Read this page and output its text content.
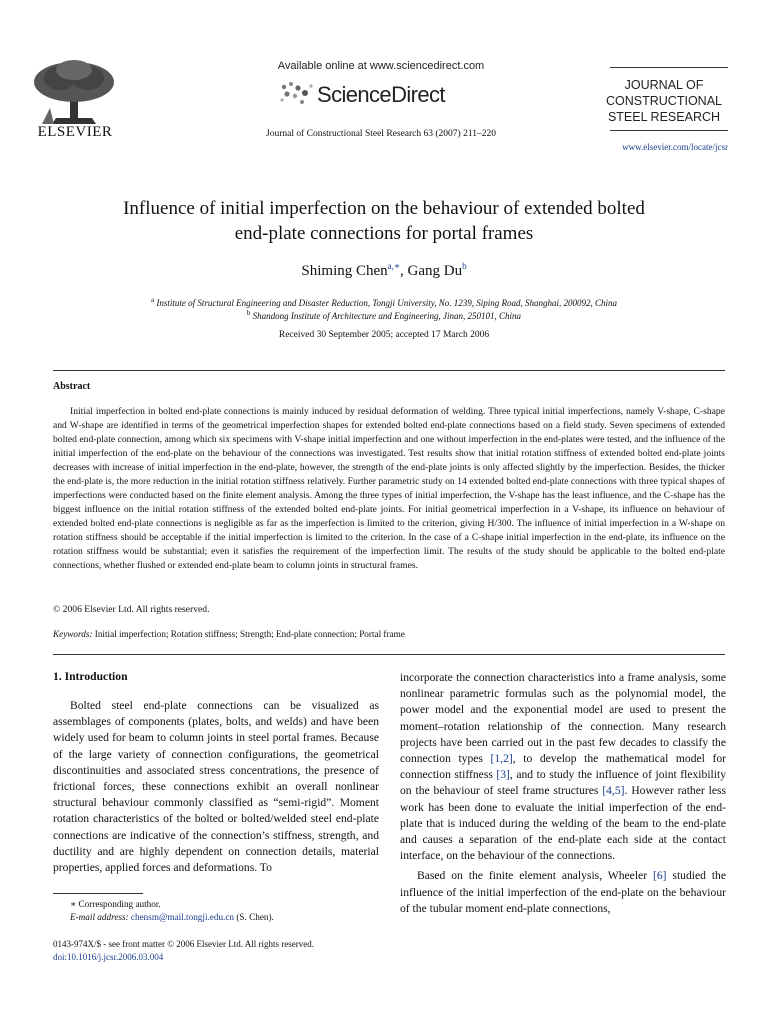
ELSEVIER
Available online at www.sciencedirect.com
ScienceDirect
Journal of Constructional Steel Research 63 (2007) 211–220
JOURNAL OF
CONSTRUCTIONAL
STEEL RESEARCH
www.elsevier.com/locate/jcsr
Influence of initial imperfection on the behaviour of extended bolted
end-plate connections for portal frames
Shiming Chen$^{a,∗}$, Gang Du$^b$
$^a$ Institute of Structural Engineering and Disaster Reduction, Tongji University, No. 1239, Siping Road, Shanghai, 200092, China
$^b$ Shandong Institute of Architecture and Engineering, Jinan, 250101, China
Received 30 September 2005; accepted 17 March 2006
Abstract

Initial imperfection in bolted end-plate connections is mainly induced by residual deformation of welding. Three typical initial imperfections, namely V-shape, C-shape and W-shape are identified in terms of the geometrical imperfection shapes for extended bolted end-plate connections based on a field study. Seven specimens of extended bolted end-plate connection, among which six specimens with V-shape initial imperfection and one without imperfection in the end-plates were tested, and the influence of the initial imperfection of the end-plate on the behaviour of the connections was investigated. Test results show that initial rotation stiffness of extended bolted end-plate joints decreases with increase of initial imperfection in the end-plate, however, the strength of the end-plate joints is only affected slightly by the imperfection. Besides, the thicker the end-plate is, the more reduction in the initial rotation stiffness relatively. Further parametric study on 14 extended bolted end-plate connections with three typical shapes of imperfections were conducted based on the finite element analysis. Among the three types of initial imperfection, the V-shape has the least influence, and the C-shape has the biggest influence on the initial rotation stiffness of the extended bolted end-plate joints. For initial geometrical imperfection in a V-shape, its influence on behaviour of extended bolted end-plate connections is negligible as far as the imperfection is limited to the criterion, giving H/300. The influence of initial imperfection in a W-shape on rotation stiffness should be acceptable if the initial imperfection is limited to the criterion. In the case of a C-shape initial imperfection in the end-plate, its influence on the rotation stiffness would be substantial; even it satisfies the requirement of the imperfection limit. The results of the study should be applicable to the bolted end-plate connections, whether flushed or extended end-plate beam to column joints in structural frames.

© 2006 Elsevier Ltd. All rights reserved.
Keywords: Initial imperfection; Rotation stiffness; Strength; End-plate connection; Portal frame
1. Introduction

Bolted steel end-plate connections can be visualized as assemblages of components (plates, bolts, and welds) and have been widely used for beam to column joints in steel portal frames. Because of the large variety of connection configurations, the geometrical discontinuities and associated stress concentrations, the presence of frictional forces, these connections exhibit an overall nonlinear structural behaviour commonly classified as “semi-rigid”. Moment rotation characteristics of the bolted or bolted/welded steel end-plate connections are indicative of the connection’s stiffness, strength, and ductility and are highly dependent on connection details, material properties, applied forces and deformations. To

incorporate the connection characteristics into a frame analysis, some nonlinear parametric formulas such as the polynomial model, the power model and the exponential model are used to present the moment–rotation relationship of the connection. Many research projects have been carried out in the past few decades to classify the connection types [1,2], to develop the mathematical model for connection stiffness [3], and to study the influence of joint flexibility on the behaviour of steel frame structures [4,5]. However rather less work has been done to evaluate the initial imperfection of the end-plate that is induced during the welding of the beam to the end-plate and causes a separation of the end-plate each side at the contact interface, on the behaviour of the connections.

Based on the finite element analysis, Wheeler [6] studied the influence of the initial imperfection of the end-plate on the behaviour of the tubular moment end-plate connections,

∗ Corresponding author.
E-mail address: chensm@mail.tongji.edu.cn (S. Chen).
0143-974X/$ - see front matter © 2006 Elsevier Ltd. All rights reserved.
doi:10.1016/j.jcsr.2006.03.004
